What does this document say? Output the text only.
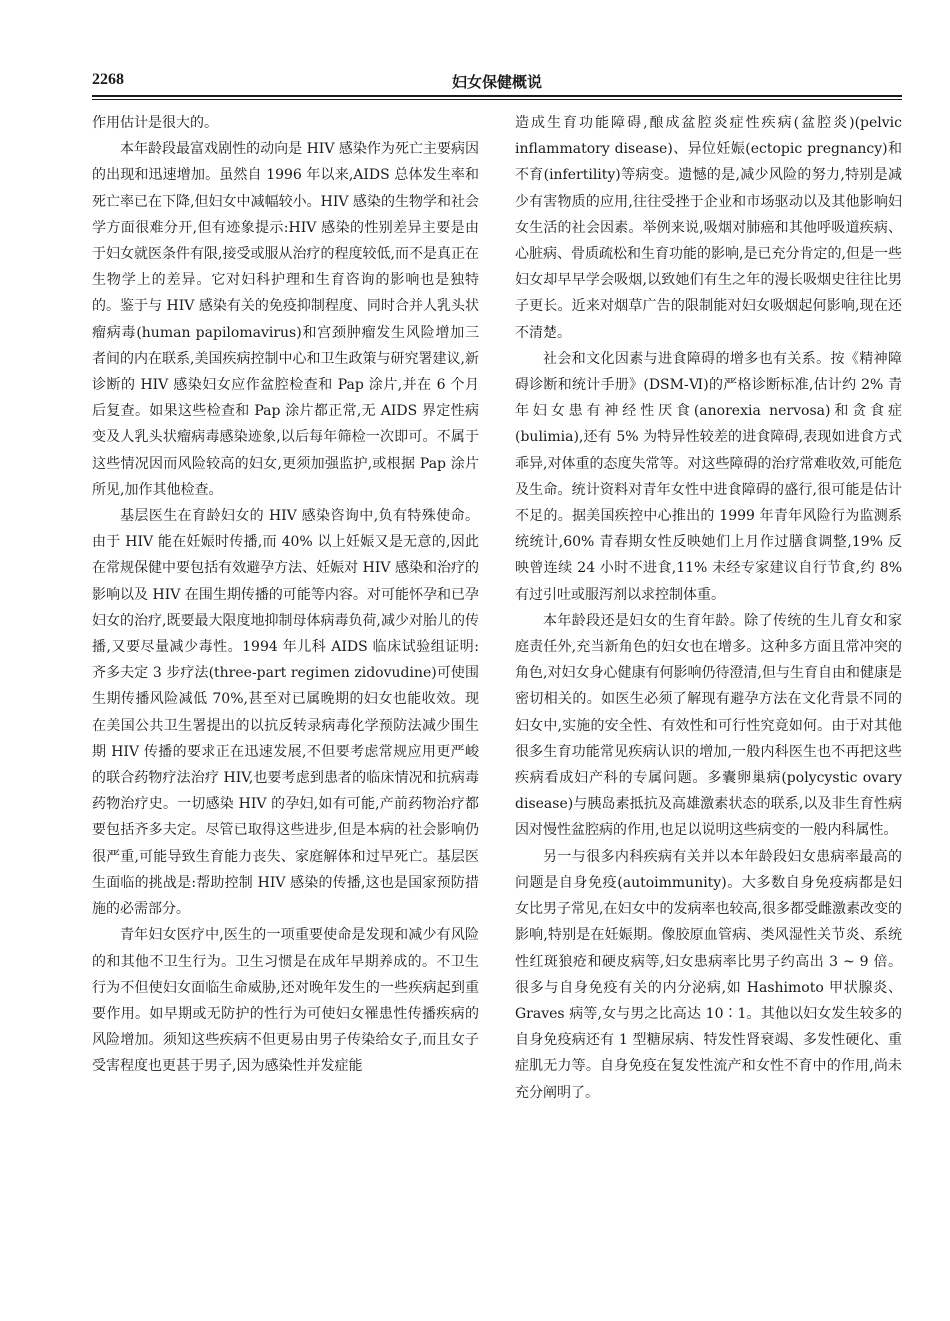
2268	妇女保健概说

作用估计是很大的。

本年龄段最富戏剧性的动向是 HIV 感染作为死亡主要病因的出现和迅速增加。虽然自 1996 年以来,AIDS 总体发生率和死亡率已在下降,但妇女中减幅较小。HIV 感染的生物学和社会学方面很难分开,但有迹象提示:HIV 感染的性别差异主要是由于妇女就医条件有限,接受或服从治疗的程度较低,而不是真正在生物学上的差异。它对妇科护理和生育咨询的影响也是独特的。鉴于与 HIV 感染有关的免疫抑制程度、同时合并人乳头状瘤病毒(human papilomavirus)和宫颈肿瘤发生风险增加三者间的内在联系,美国疾病控制中心和卫生政策与研究署建议,新诊断的 HIV 感染妇女应作盆腔检查和 Pap 涂片,并在 6 个月后复查。如果这些检查和 Pap 涂片都正常,无 AIDS 界定性病变及人乳头状瘤病毒感染迹象,以后每年筛检一次即可。不属于这些情况因而风险较高的妇女,更须加强监护,或根据 Pap 涂片所见,加作其他检查。

基层医生在育龄妇女的 HIV 感染咨询中,负有特殊使命。由于 HIV 能在妊娠时传播,而 40% 以上妊娠又是无意的,因此在常规保健中要包括有效避孕方法、妊娠对 HIV 感染和治疗的影响以及 HIV 在围生期传播的可能等内容。对可能怀孕和已孕妇女的治疗,既要最大限度地抑制母体病毒负荷,减少对胎儿的传播,又要尽量减少毒性。1994 年儿科 AIDS 临床试验组证明:齐多夫定 3 步疗法(three-part regimen zidovudine)可使围生期传播风险减低 70%,甚至对已属晚期的妇女也能收效。现在美国公共卫生署提出的以抗反转录病毒化学预防法减少围生期 HIV 传播的要求正在迅速发展,不但要考虑常规应用更严峻的联合药物疗法治疗 HIV,也要考虑到患者的临床情况和抗病毒药物治疗史。一切感染 HIV 的孕妇,如有可能,产前药物治疗都要包括齐多夫定。尽管已取得这些进步,但是本病的社会影响仍很严重,可能导致生育能力丧失、家庭解体和过早死亡。基层医生面临的挑战是:帮助控制 HIV 感染的传播,这也是国家预防措施的必需部分。

青年妇女医疗中,医生的一项重要使命是发现和减少有风险的和其他不卫生行为。卫生习惯是在成年早期养成的。不卫生行为不但使妇女面临生命威胁,还对晚年发生的一些疾病起到重要作用。如早期或无防护的性行为可使妇女罹患性传播疾病的风险增加。须知这些疾病不但更易由男子传染给女子,而且女子受害程度也更甚于男子,因为感染性并发症能

造成生育功能障碍,酿成盆腔炎症性疾病(盆腔炎)(pelvic inflammatory disease)、异位妊娠(ectopic pregnancy)和不育(infertility)等病变。遗憾的是,减少风险的努力,特别是减少有害物质的应用,往往受挫于企业和市场驱动以及其他影响妇女生活的社会因素。举例来说,吸烟对肺癌和其他呼吸道疾病、心脏病、骨质疏松和生育功能的影响,是已充分肯定的,但是一些妇女却早早学会吸烟,以致她们有生之年的漫长吸烟史往往比男子更长。近来对烟草广告的限制能对妇女吸烟起何影响,现在还不清楚。

社会和文化因素与进食障碍的增多也有关系。按《精神障碍诊断和统计手册》(DSM-Ⅵ)的严格诊断标准,估计约 2% 青年妇女患有神经性厌食(anorexia nervosa)和贪食症(bulimia),还有 5% 为特异性较差的进食障碍,表现如进食方式乖异,对体重的态度失常等。对这些障碍的治疗常难收效,可能危及生命。统计资料对青年女性中进食障碍的盛行,很可能是估计不足的。据美国疾控中心推出的 1999 年青年风险行为监测系统统计,60% 青春期女性反映她们上月作过膳食调整,19% 反映曾连续 24 小时不进食,11% 未经专家建议自行节食,约 8% 有过引吐或服泻剂以求控制体重。

本年龄段还是妇女的生育年龄。除了传统的生儿育女和家庭责任外,充当新角色的妇女也在增多。这种多方面且常冲突的角色,对妇女身心健康有何影响仍待澄清,但与生育自由和健康是密切相关的。如医生必须了解现有避孕方法在文化背景不同的妇女中,实施的安全性、有效性和可行性究竟如何。由于对其他很多生育功能常见疾病认识的增加,一般内科医生也不再把这些疾病看成妇产科的专属问题。多囊卵巢病(polycystic ovary disease)与胰岛素抵抗及高雄激素状态的联系,以及非生育性病因对慢性盆腔病的作用,也足以说明这些病变的一般内科属性。

另一与很多内科疾病有关并以本年龄段妇女患病率最高的问题是自身免疫(autoimmunity)。大多数自身免疫病都是妇女比男子常见,在妇女中的发病率也较高,很多都受雌激素改变的影响,特别是在妊娠期。像胶原血管病、类风湿性关节炎、系统性红斑狼疮和硬皮病等,妇女患病率比男子约高出 3 ~ 9 倍。很多与自身免疫有关的内分泌病,如 Hashimoto 甲状腺炎、Graves 病等,女与男之比高达 10∶1。其他以妇女发生较多的自身免疫病还有 1 型糖尿病、特发性肾衰竭、多发性硬化、重症肌无力等。自身免疫在复发性流产和女性不育中的作用,尚未充分阐明了。
